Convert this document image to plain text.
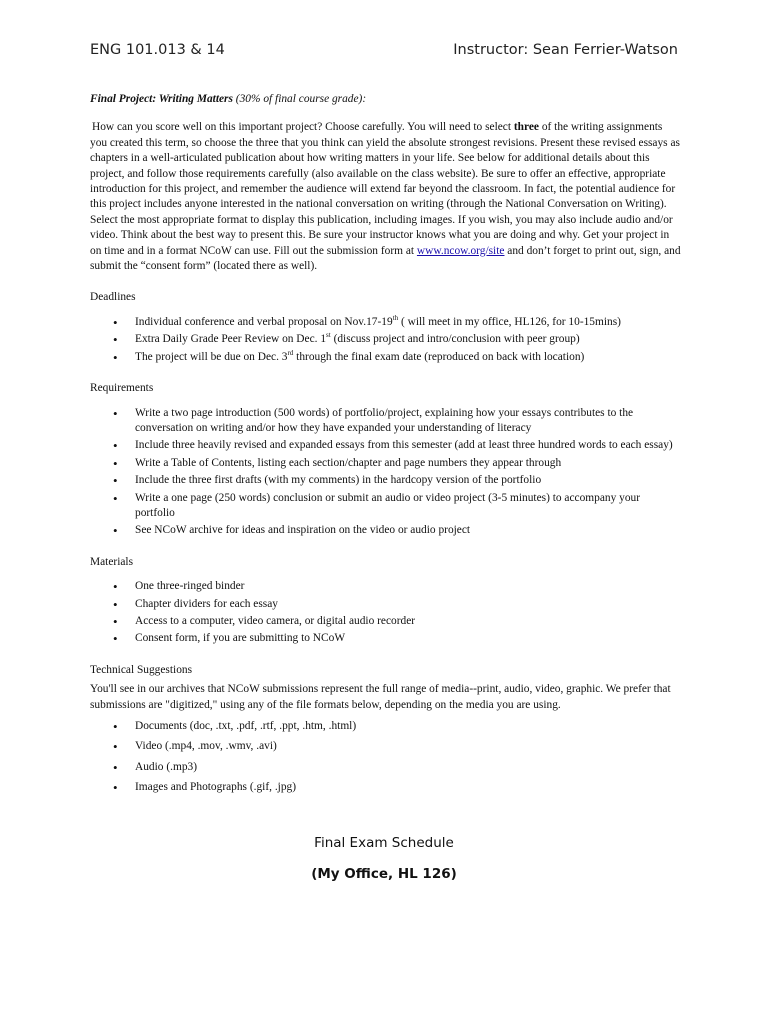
ENG 101.013 & 14	Instructor: Sean Ferrier-Watson

Final Project: Writing Matters (30% of final course grade):

How can you score well on this important project? Choose carefully. You will need to select three of the writing assignments you created this term, so choose the three that you think can yield the absolute strongest revisions. Present these revised essays as chapters in a well-articulated publication about how writing matters in your life. See below for additional details about this project, and follow those requirements carefully (also available on the class website). Be sure to offer an effective, appropriate introduction for this project, and remember the audience will extend far beyond the classroom. In fact, the potential audience for this project includes anyone interested in the national conversation on writing (through the National Conversation on Writing). Select the most appropriate format to display this publication, including images. If you wish, you may also include audio and/or video. Think about the best way to present this. Be sure your instructor knows what you are doing and why. Get your project in on time and in a format NCoW can use. Fill out the submission form at www.ncow.org/site and don’t forget to print out, sign, and submit the “consent form” (located there as well).

Deadlines

• Individual conference and verbal proposal on Nov.17-19th ( will meet in my office, HL126, for 10-15mins)
• Extra Daily Grade Peer Review on Dec. 1st (discuss project and intro/conclusion with peer group)
• The project will be due on Dec. 3rd through the final exam date (reproduced on back with location)

Requirements

• Write a two page introduction (500 words) of portfolio/project, explaining how your essays contributes to the conversation on writing and/or how they have expanded your understanding of literacy
• Include three heavily revised and expanded essays from this semester (add at least three hundred words to each essay)
• Write a Table of Contents, listing each section/chapter and page numbers they appear through
• Include the three first drafts (with my comments) in the hardcopy version of the portfolio
• Write a one page (250 words) conclusion or submit an audio or video project (3-5 minutes) to accompany your portfolio
• See NCoW archive for ideas and inspiration on the video or audio project

Materials

• One three-ringed binder
• Chapter dividers for each essay
• Access to a computer, video camera, or digital audio recorder
• Consent form, if you are submitting to NCoW

Technical Suggestions

You'll see in our archives that NCoW submissions represent the full range of media--print, audio, video, graphic. We prefer that submissions are "digitized," using any of the file formats below, depending on the media you are using.

• Documents (doc, .txt, .pdf, .rtf, .ppt, .htm, .html)
• Video (.mp4, .mov, .wmv, .avi)
• Audio (.mp3)
• Images and Photographs (.gif, .jpg)
Final Exam Schedule
(My Office, HL 126)
